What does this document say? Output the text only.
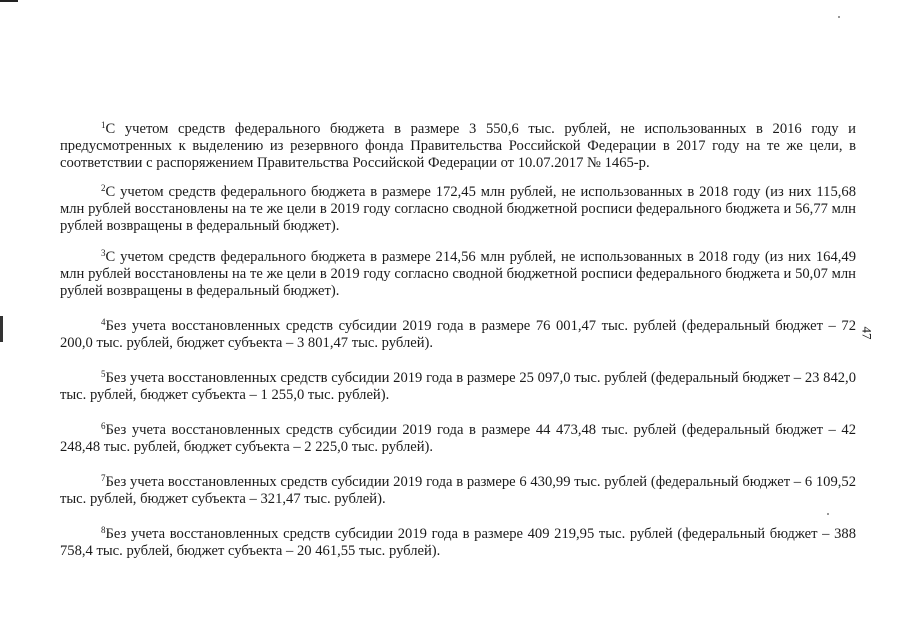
$^1$С учетом средств федерального бюджета в размере 3 550,6 тыс. рублей, не использованных в 2016 году и предусмотренных к выделению из резервного фонда Правительства Российской Федерации в 2017 году на те же цели, в соответствии с распоряжением Правительства Российской Федерации от 10.07.2017 № 1465-р.

$^2$С учетом средств федерального бюджета в размере 172,45 млн рублей, не использованных в 2018 году (из них 115,68 млн рублей восстановлены на те же цели в 2019 году согласно сводной бюджетной росписи федерального бюджета и 56,77 млн рублей возвращены в федеральный бюджет).

$^3$С учетом средств федерального бюджета в размере 214,56 млн рублей, не использованных в 2018 году (из них 164,49 млн рублей восстановлены на те же цели в 2019 году согласно сводной бюджетной росписи федерального бюджета и 50,07 млн рублей возвращены в федеральный бюджет).

$^4$Без учета восстановленных средств субсидии 2019 года в размере 76 001,47 тыс. рублей (федеральный бюджет – 72 200,0 тыс. рублей, бюджет субъекта – 3 801,47 тыс. рублей).

$^5$Без учета восстановленных средств субсидии 2019 года в размере 25 097,0 тыс. рублей (федеральный бюджет – 23 842,0 тыс. рублей, бюджет субъекта – 1 255,0 тыс. рублей).

$^6$Без учета восстановленных средств субсидии 2019 года в размере 44 473,48 тыс. рублей (федеральный бюджет – 42 248,48 тыс. рублей, бюджет субъекта – 2 225,0 тыс. рублей).

$^7$Без учета восстановленных средств субсидии 2019 года в размере 6 430,99 тыс. рублей (федеральный бюджет – 6 109,52 тыс. рублей, бюджет субъекта – 321,47 тыс. рублей).

$^8$Без учета восстановленных средств субсидии 2019 года в размере 409 219,95 тыс. рублей (федеральный бюджет – 388 758,4 тыс. рублей, бюджет субъекта – 20 461,55 тыс. рублей).

47
